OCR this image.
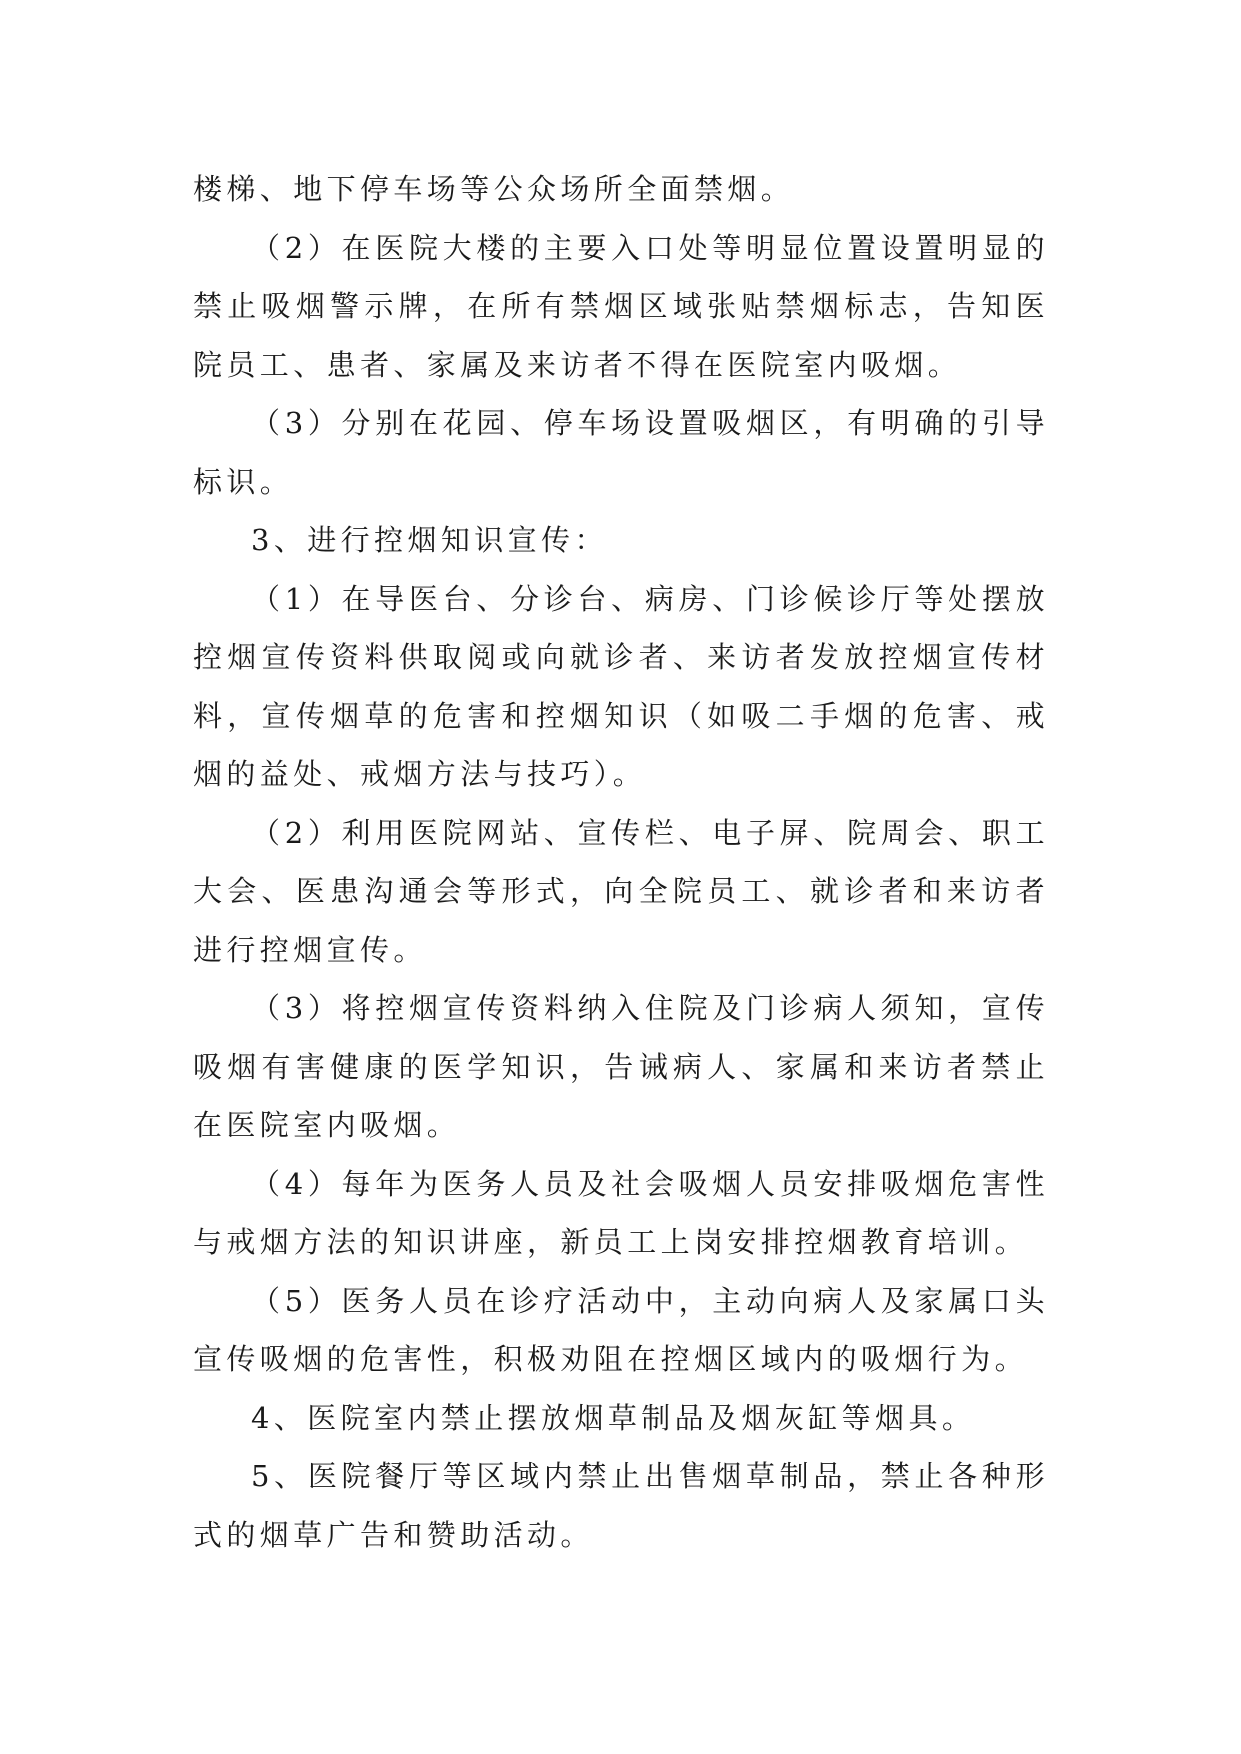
楼梯、地下停车场等公众场所全面禁烟。

（2）在医院大楼的主要入口处等明显位置设置明显的禁止吸烟警示牌，在所有禁烟区域张贴禁烟标志，告知医院员工、患者、家属及来访者不得在医院室内吸烟。

（3）分别在花园、停车场设置吸烟区，有明确的引导标识。

3、进行控烟知识宣传：

（1）在导医台、分诊台、病房、门诊候诊厅等处摆放控烟宣传资料供取阅或向就诊者、来访者发放控烟宣传材料，宣传烟草的危害和控烟知识（如吸二手烟的危害、戒烟的益处、戒烟方法与技巧）。

（2）利用医院网站、宣传栏、电子屏、院周会、职工大会、医患沟通会等形式，向全院员工、就诊者和来访者进行控烟宣传。

（3）将控烟宣传资料纳入住院及门诊病人须知，宣传吸烟有害健康的医学知识，告诫病人、家属和来访者禁止在医院室内吸烟。

（4）每年为医务人员及社会吸烟人员安排吸烟危害性与戒烟方法的知识讲座，新员工上岗安排控烟教育培训。

（5）医务人员在诊疗活动中，主动向病人及家属口头宣传吸烟的危害性，积极劝阻在控烟区域内的吸烟行为。

4、医院室内禁止摆放烟草制品及烟灰缸等烟具。

5、医院餐厅等区域内禁止出售烟草制品，禁止各种形式的烟草广告和赞助活动。
